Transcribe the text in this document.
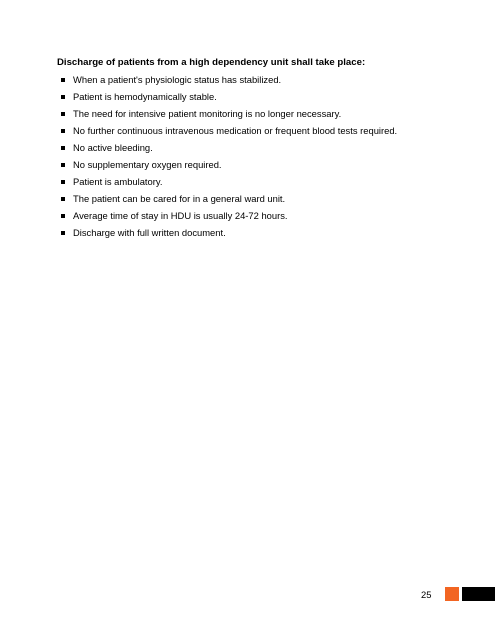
Discharge of patients from a high dependency unit shall take place:
When a patient's physiologic status has stabilized.
Patient is hemodynamically stable.
The need for intensive patient monitoring is no longer necessary.
No further continuous intravenous medication or frequent blood tests required.
No active bleeding.
No supplementary oxygen required.
Patient is ambulatory.
The patient can be cared for in a general ward unit.
Average time of stay in HDU is usually 24-72 hours.
Discharge with full written document.
25
